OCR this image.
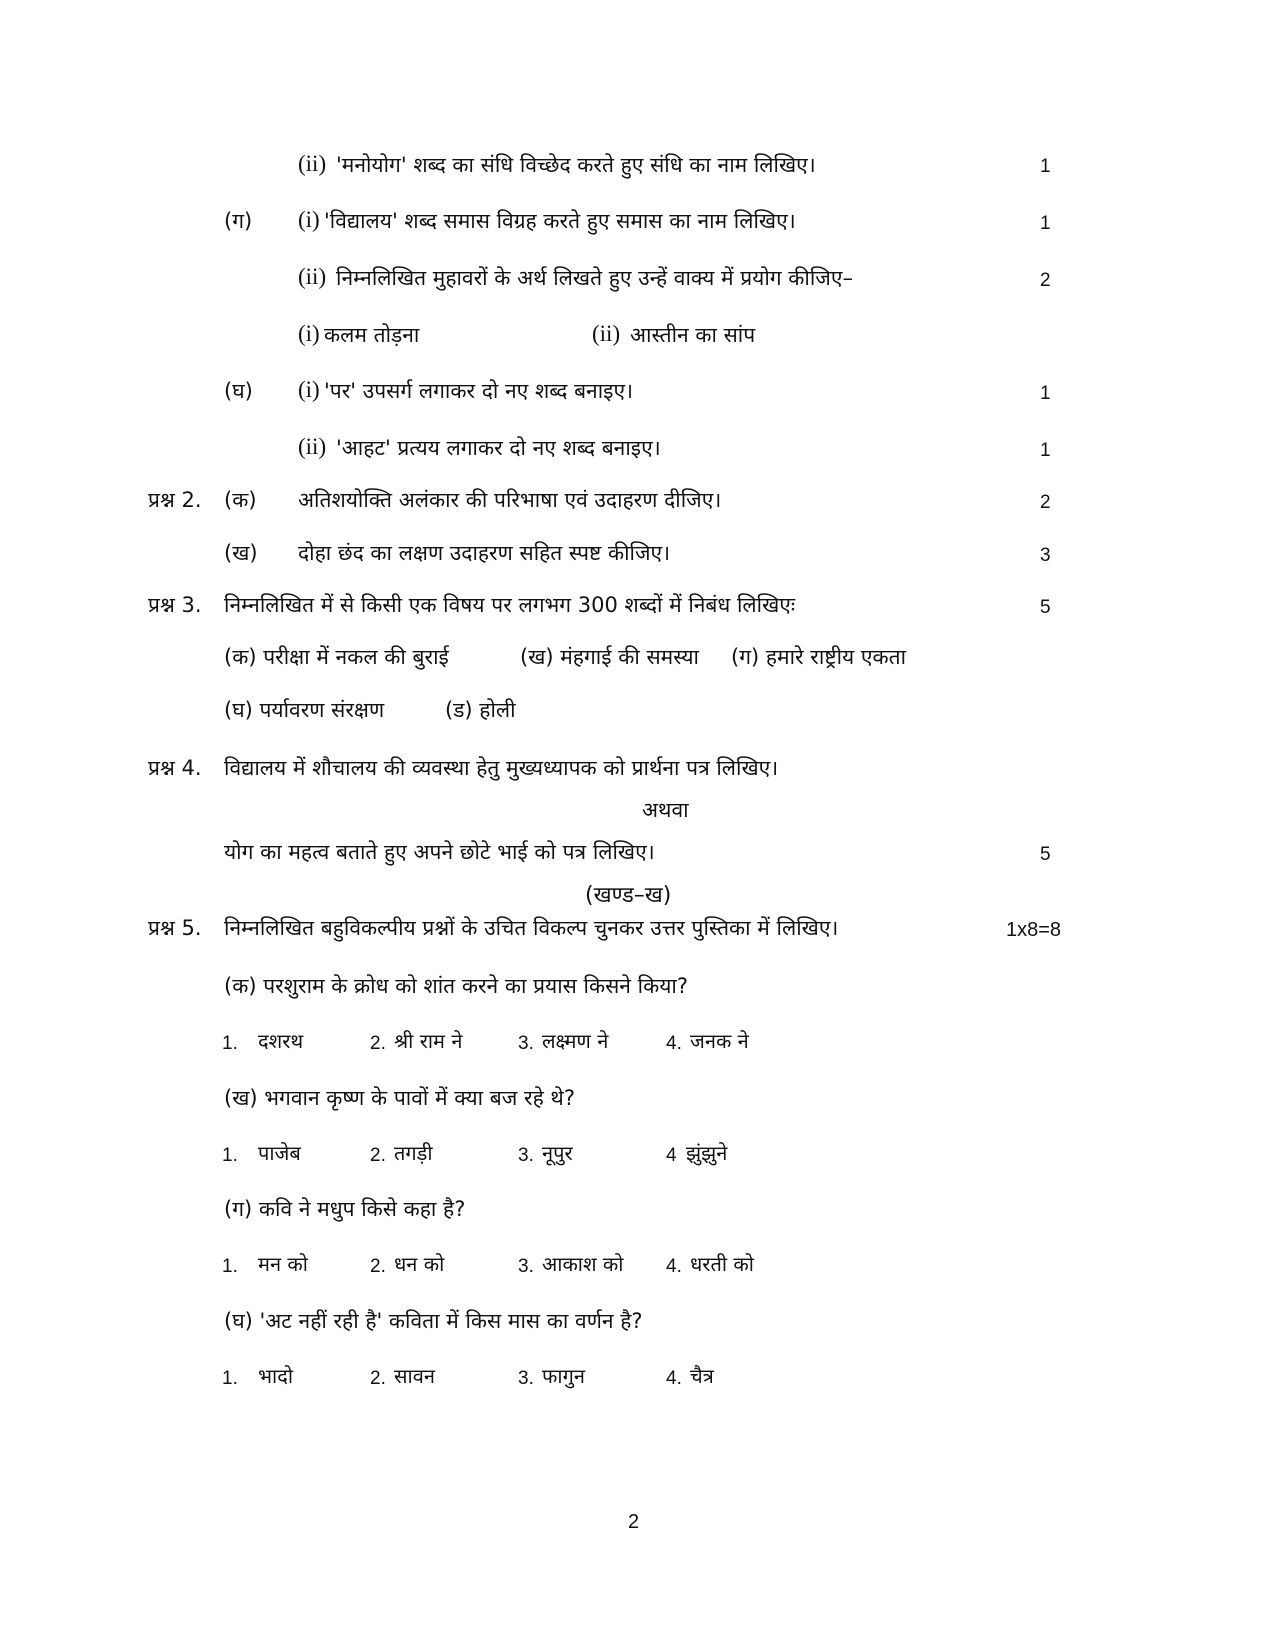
(ii) 'मनोयोग' शब्द का संधि विच्छेद करते हुए संधि का नाम लिखिए।	1
(ग) (i) 'विद्यालय' शब्द समास विग्रह करते हुए समास का नाम लिखिए।	1
(ii) निम्नलिखित मुहावरों के अर्थ लिखते हुए उन्हें वाक्य में प्रयोग कीजिए–	2
(i) कलम तोड़ना	(ii) आस्तीन का सांप
(घ) (i) 'पर' उपसर्ग लगाकर दो नए शब्द बनाइए।	1
(ii) 'आहट' प्रत्यय लगाकर दो नए शब्द बनाइए।	1
प्रश्न 2. (क) अतिशयोक्ति अलंकार की परिभाषा एवं उदाहरण दीजिए।	2
(ख) दोहा छंद का लक्षण उदाहरण सहित स्पष्ट कीजिए।	3
प्रश्न 3. निम्नलिखित में से किसी एक विषय पर लगभग 300 शब्दों में निबंध लिखिएः	5
(क) परीक्षा में नकल की बुराई	(ख) मंहगाई की समस्या (ग) हमारे राष्ट्रीय एकता
(घ) पर्यावरण संरक्षण	(ड) होली
प्रश्न 4. विद्यालय में शौचालय की व्यवस्था हेतु मुख्यध्यापक को प्रार्थना पत्र लिखिए।
अथवा
योग का महत्व बताते हुए अपने छोटे भाई को पत्र लिखिए।	5
(खण्ड–ख)
प्रश्न 5. निम्नलिखित बहुविकल्पीय प्रश्नों के उचित विकल्प चुनकर उत्तर पुस्तिका में लिखिए।	1x8=8
(क) परशुराम के क्रोध को शांत करने का प्रयास किसने किया?
1. दशरथ	2. श्री राम ने	3. लक्ष्मण ने	4. जनक ने
(ख) भगवान कृष्ण के पावों में क्या बज रहे थे?
1. पाजेब	2. तगड़ी	3. नूपुर	4 झुंझुने
(ग) कवि ने मधुप किसे कहा है?
1. मन को	2. धन को	3. आकाश को 4. धरती को
(घ) 'अट नहीं रही है' कविता में किस मास का वर्णन है?
1. भादो	2. सावन	3. फागुन	4. चैत्र
2
